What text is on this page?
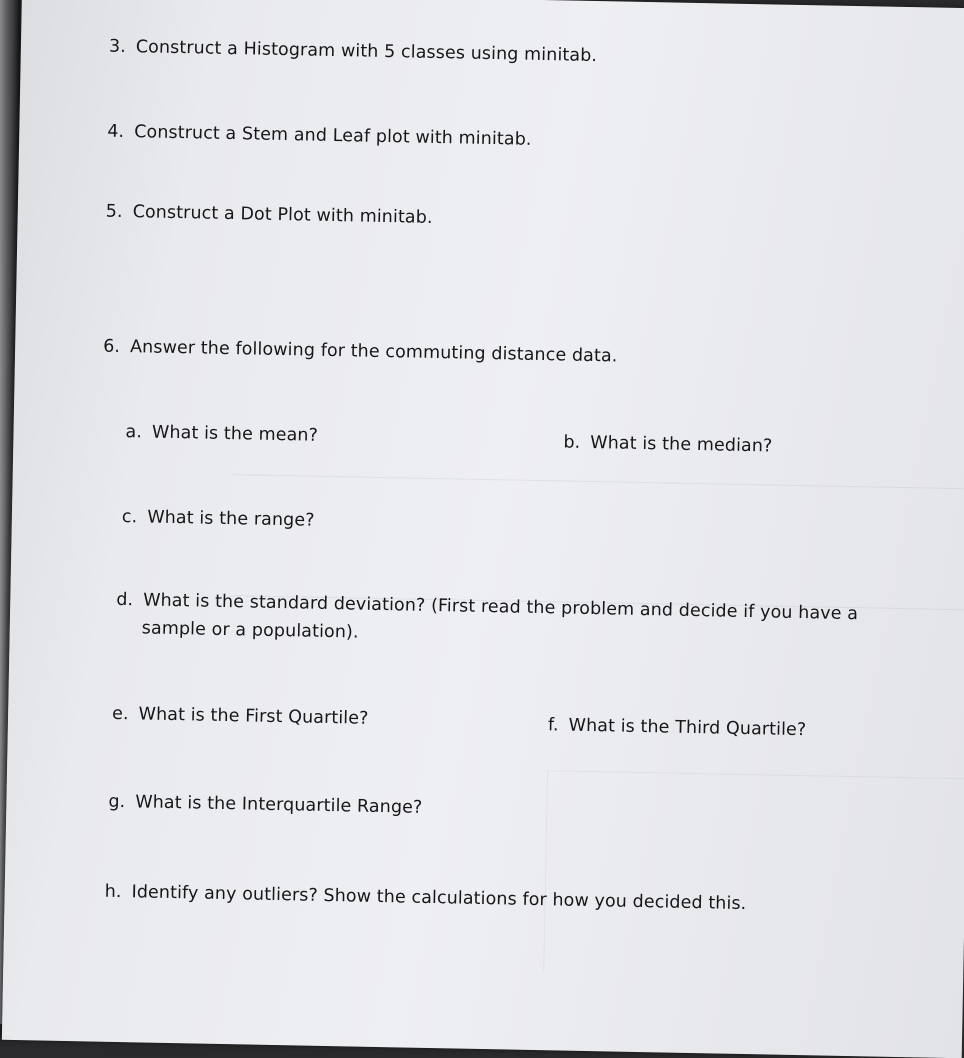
3. Construct a Histogram with 5 classes using minitab.

4. Construct a Stem and Leaf plot with minitab.

5. Construct a Dot Plot with minitab.

6. Answer the following for the commuting distance data.

a. What is the mean?	b. What is the median?

c. What is the range?

d. What is the standard deviation? (First read the problem and decide if you have a

sample or a population).

e. What is the First Quartile?	f. What is the Third Quartile?

g. What is the Interquartile Range?

h. Identify any outliers? Show the calculations for how you decided this.
